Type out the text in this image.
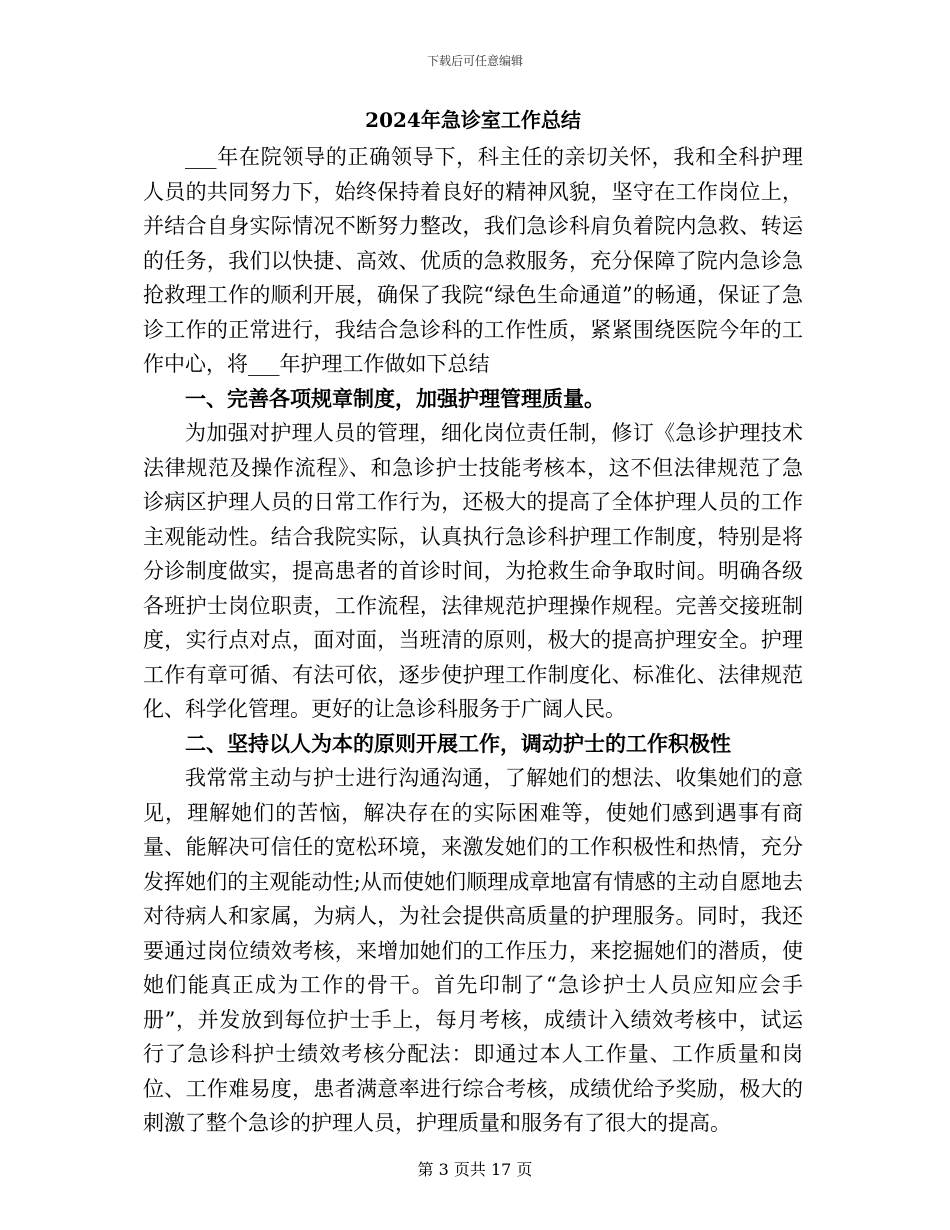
下载后可任意编辑
2024年急诊室工作总结

___年在院领导的正确领导下，科主任的亲切关怀，我和全科护理人员的共同努力下，始终保持着良好的精神风貌，坚守在工作岗位上，并结合自身实际情况不断努力整改，我们急诊科肩负着院内急救、转运的任务，我们以快捷、高效、优质的急救服务，充分保障了院内急诊急抢救理工作的顺利开展，确保了我院“绿色生命通道”的畅通，保证了急诊工作的正常进行，我结合急诊科的工作性质，紧紧围绕医院今年的工作中心，将___年护理工作做如下总结

一、完善各项规章制度，加强护理管理质量。

为加强对护理人员的管理，细化岗位责任制，修订《急诊护理技术法律规范及操作流程》、和急诊护士技能考核本，这不但法律规范了急诊病区护理人员的日常工作行为，还极大的提高了全体护理人员的工作主观能动性。结合我院实际，认真执行急诊科护理工作制度，特别是将分诊制度做实，提高患者的首诊时间，为抢救生命争取时间。明确各级各班护士岗位职责，工作流程，法律规范护理操作规程。完善交接班制度，实行点对点，面对面，当班清的原则，极大的提高护理安全。护理工作有章可循、有法可依，逐步使护理工作制度化、标准化、法律规范化、科学化管理。更好的让急诊科服务于广阔人民。

二、坚持以人为本的原则开展工作，调动护士的工作积极性

我常常主动与护士进行沟通沟通，了解她们的想法、收集她们的意见，理解她们的苦恼，解决存在的实际困难等，使她们感到遇事有商量、能解决可信任的宽松环境，来激发她们的工作积极性和热情，充分发挥她们的主观能动性;从而使她们顺理成章地富有情感的主动自愿地去对待病人和家属，为病人，为社会提供高质量的护理服务。同时，我还要通过岗位绩效考核，来增加她们的工作压力，来挖掘她们的潜质，使她们能真正成为工作的骨干。首先印制了“急诊护士人员应知应会手册”，并发放到每位护士手上，每月考核，成绩计入绩效考核中，试运行了急诊科护士绩效考核分配法：即通过本人工作量、工作质量和岗位、工作难易度，患者满意率进行综合考核，成绩优给予奖励，极大的刺激了整个急诊的护理人员，护理质量和服务有了很大的提高。

第 3 页共 17 页
